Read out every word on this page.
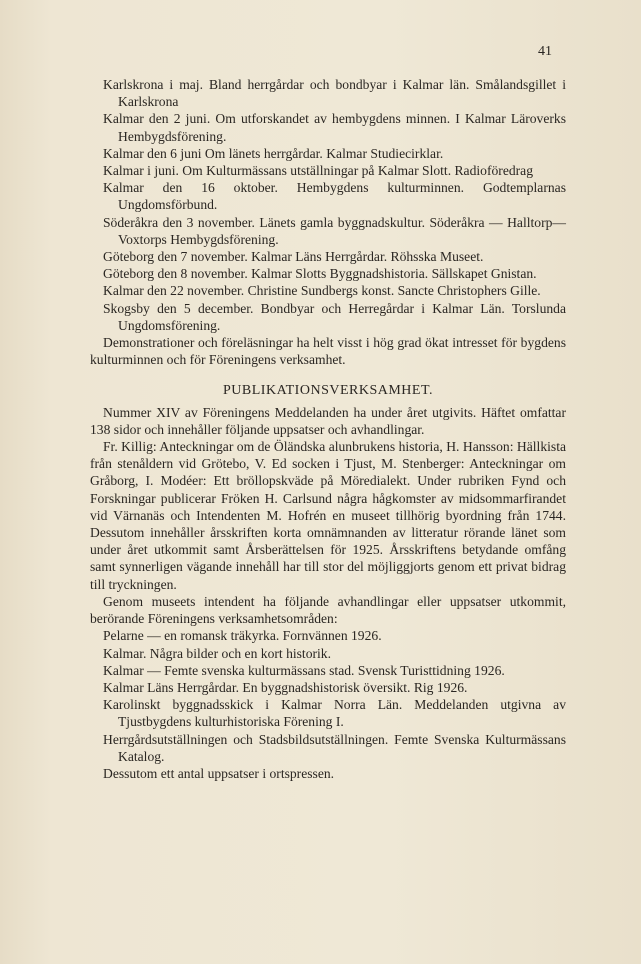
41

Karlskrona i maj. Bland herrgårdar och bondbyar i Kalmar län. Smålandsgillet i Karlskrona

Kalmar den 2 juni. Om utforskandet av hembygdens minnen. I Kalmar Läroverks Hembygdsförening.

Kalmar den 6 juni Om länets herrgårdar. Kalmar Studiecirklar.

Kalmar i juni. Om Kulturmässans utställningar på Kalmar Slott. Radioföredrag

Kalmar den 16 oktober. Hembygdens kulturminnen. Godtemplarnas Ungdomsförbund.

Söderåkra den 3 november. Länets gamla byggnadskultur. Söderåkra — Halltorp—Voxtorps Hembygdsförening.

Göteborg den 7 november. Kalmar Läns Herrgårdar. Röhsska Museet.

Göteborg den 8 november. Kalmar Slotts Byggnadshistoria. Sällskapet Gnistan.

Kalmar den 22 november. Christine Sundbergs konst. Sancte Christophers Gille.

Skogsby den 5 december. Bondbyar och Herregårdar i Kalmar Län. Torslunda Ungdomsförening.

Demonstrationer och föreläsningar ha helt visst i hög grad ökat intresset för bygdens kulturminnen och för Föreningens verksamhet.

PUBLIKATIONSVERKSAMHET.

Nummer XIV av Föreningens Meddelanden ha under året utgivits. Häftet omfattar 138 sidor och innehåller följande uppsatser och avhandlingar.

Fr. Killig: Anteckningar om de Öländska alunbrukens historia, H. Hansson: Hällkista från stenåldern vid Grötebo, V. Ed socken i Tjust, M. Stenberger: Anteckningar om Gråborg, I. Modéer: Ett bröllopskväde på Möredialekt. Under rubriken Fynd och Forskningar publicerar Fröken H. Carlsund några hågkomster av midsommarfirandet vid Värnanäs och Intendenten M. Hofrén en museet tillhörig byordning från 1744. Dessutom innehåller årsskriften korta omnämnanden av litteratur rörande länet som under året utkommit samt Årsberättelsen för 1925. Årsskriftens betydande omfång samt synnerligen vägande innehåll har till stor del möjliggjorts genom ett privat bidrag till tryckningen.

Genom museets intendent ha följande avhandlingar eller uppsatser utkommit, berörande Föreningens verksamhetsområden:

Pelarne — en romansk träkyrka. Fornvännen 1926.

Kalmar. Några bilder och en kort historik.

Kalmar — Femte svenska kulturmässans stad. Svensk Turisttidning 1926.

Kalmar Läns Herrgårdar. En byggnadshistorisk översikt. Rig 1926.

Karolinskt byggnadsskick i Kalmar Norra Län. Meddelanden utgivna av Tjustbygdens kulturhistoriska Förening I.

Herrgårdsutställningen och Stadsbildsutställningen. Femte Svenska Kulturmässans Katalog.

Dessutom ett antal uppsatser i ortspressen.
